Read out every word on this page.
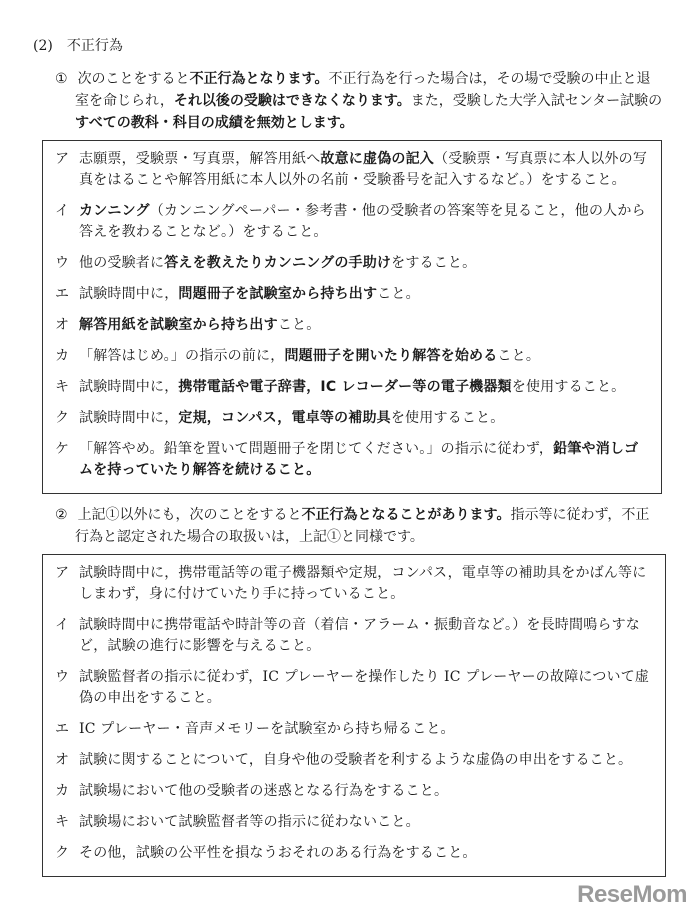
(2) 不正行為
① 次のことをすると不正行為となります。不正行為を行った場合は，その場で受験の中止と退室を命じられ，それ以後の受験はできなくなります。また，受験した大学入試センター試験のすべての教科・科目の成績を無効とします。
ア 志願票，受験票・写真票，解答用紙へ故意に虚偽の記入（受験票・写真票に本人以外の写真をはることや解答用紙に本人以外の名前・受験番号を記入するなど。）をすること。
イ カンニング（カンニングペーパー・参考書・他の受験者の答案等を見ること，他の人から答えを教わることなど。）をすること。
ウ 他の受験者に答えを教えたりカンニングの手助けをすること。
エ 試験時間中に，問題冊子を試験室から持ち出すこと。
オ 解答用紙を試験室から持ち出すこと。
カ 「解答はじめ。」の指示の前に，問題冊子を開いたり解答を始めること。
キ 試験時間中に，携帯電話や電子辞書，IC レコーダー等の電子機器類を使用すること。
ク 試験時間中に，定規，コンパス，電卓等の補助具を使用すること。
ケ 「解答やめ。鉛筆を置いて問題冊子を閉じてください。」の指示に従わず，鉛筆や消しゴムを持っていたり解答を続けること。
② 上記①以外にも，次のことをすると不正行為となることがあります。指示等に従わず，不正行為と認定された場合の取扱いは，上記①と同様です。
ア 試験時間中に，携帯電話等の電子機器類や定規，コンパス，電卓等の補助具をかばん等にしまわず，身に付けていたり手に持っていること。
イ 試験時間中に携帯電話や時計等の音（着信・アラーム・振動音など。）を長時間鳴らすなど，試験の進行に影響を与えること。
ウ 試験監督者の指示に従わず，IC プレーヤーを操作したり IC プレーヤーの故障について虚偽の申出をすること。
エ IC プレーヤー・音声メモリーを試験室から持ち帰ること。
オ 試験に関することについて，自身や他の受験者を利するような虚偽の申出をすること。
カ 試験場において他の受験者の迷惑となる行為をすること。
キ 試験場において試験監督者等の指示に従わないこと。
ク その他，試験の公平性を損なうおそれのある行為をすること。
ReseMom
